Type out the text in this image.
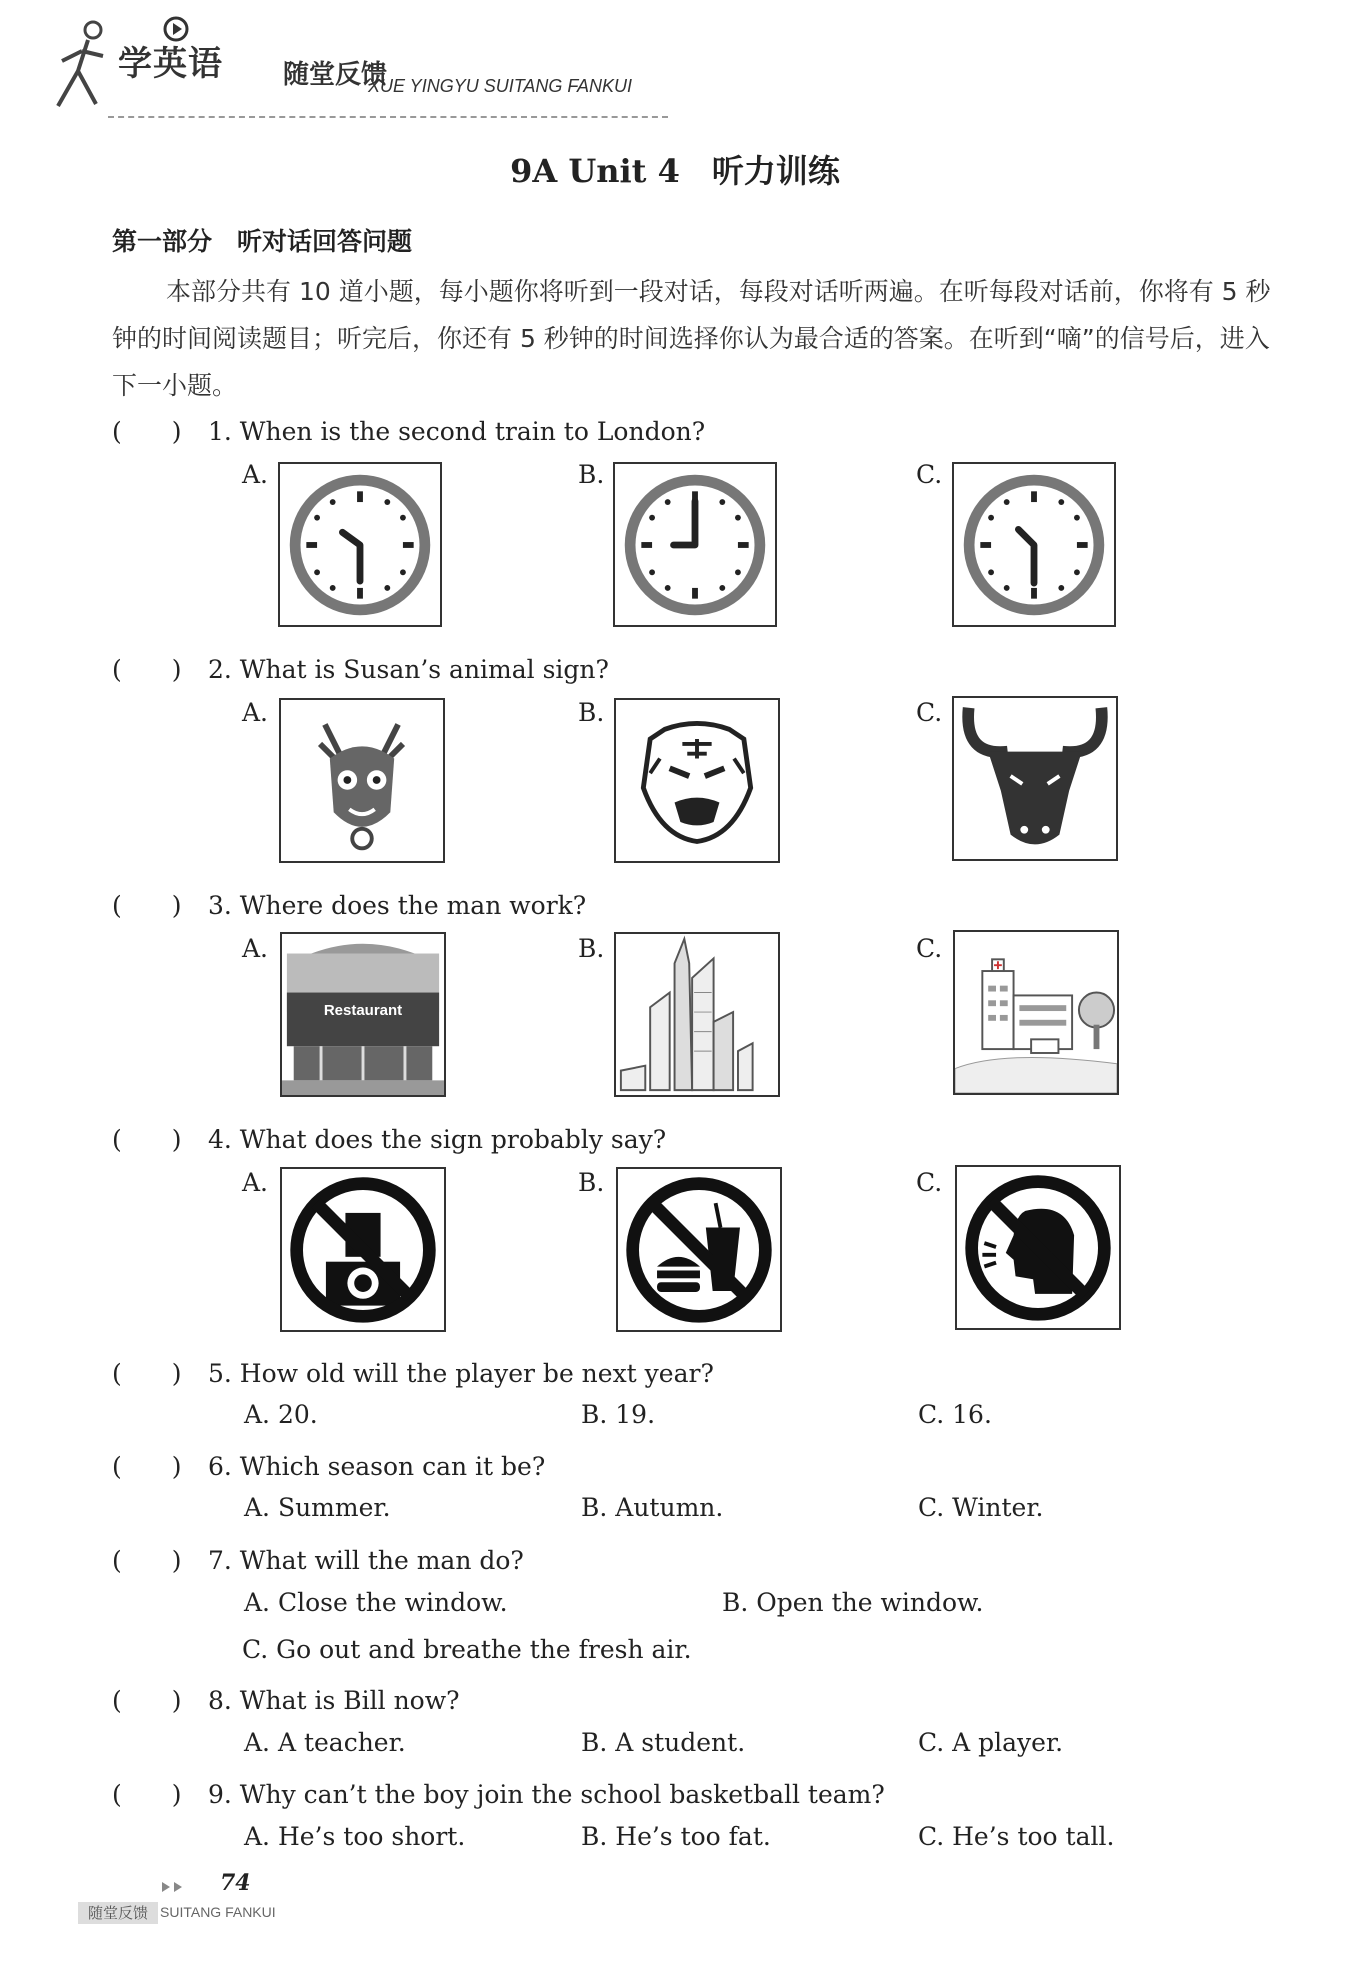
学英语 随堂反馈
XUE YINGYU SUITANG FANKUI
9A Unit 4　听力训练
第一部分　听对话回答问题
本部分共有 10 道小题，每小题你将听到一段对话，每段对话听两遍。在听每段对话前，你将有 5 秒钟的时间阅读题目；听完后，你还有 5 秒钟的时间选择你认为最合适的答案。在听到“嘀”的信号后，进入下一小题。
(　　) 1. When is the second train to London?
A.	B.	C.
(　　) 2. What is Susan’s animal sign?
A.	B.	C.
(　　) 3. Where does the man work?
A.	B.	C.
Restaurant
(　　) 4. What does the sign probably say?
A.	B.	C.
(　　) 5. How old will the player be next year?
A. 20.	B. 19.	C. 16.
(　　) 6. Which season can it be?
A. Summer.	B. Autumn.	C. Winter.
(　　) 7. What will the man do?
A. Close the window.	B. Open the window.
C. Go out and breathe the fresh air.
(　　) 8. What is Bill now?
A. A teacher.	B. A student.	C. A player.
(　　) 9. Why can’t the boy join the school basketball team?
A. He’s too short.	B. He’s too fat.	C. He’s too tall.
74
随堂反馈 SUITANG FANKUI
